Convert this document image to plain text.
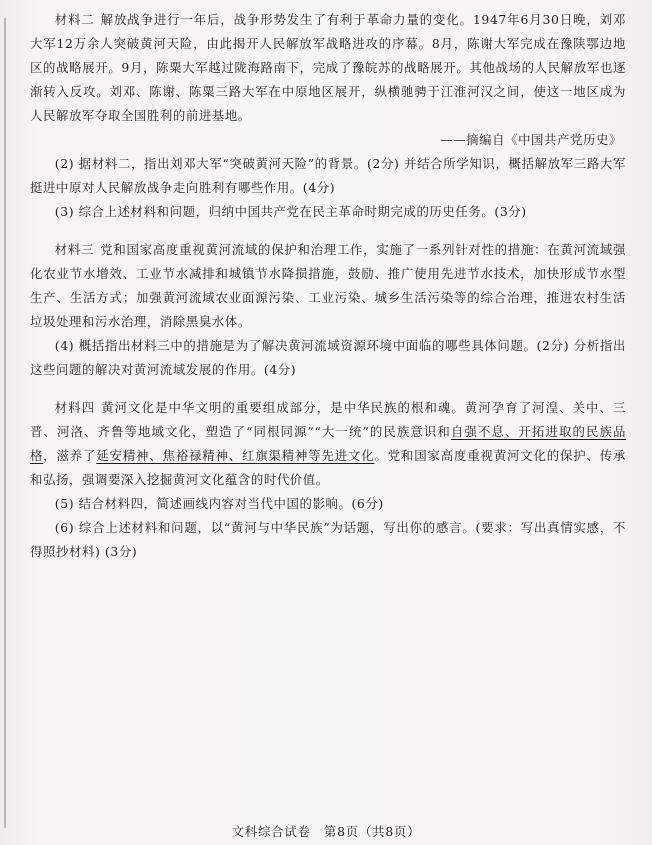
材料二 解放战争进行一年后，战争形势发生了有利于革命力量的变化。1947年6月30日晚，刘邓大军12万余人突破黄河天险，由此揭开人民解放军战略进攻的序幕。8月，陈谢大军完成在豫陕鄂边地区的战略展开。9月，陈粟大军越过陇海路南下，完成了豫皖苏的战略展开。其他战场的人民解放军也逐渐转入反攻。刘邓、陈谢、陈粟三路大军在中原地区展开，纵横驰骋于江淮河汉之间，使这一地区成为人民解放军夺取全国胜利的前进基地。

——摘编自《中国共产党历史》

(2) 据材料二，指出刘邓大军“突破黄河天险”的背景。(2分) 并结合所学知识，概括解放军三路大军挺进中原对人民解放战争走向胜利有哪些作用。(4分)

(3) 综合上述材料和问题，归纳中国共产党在民主革命时期完成的历史任务。(3分)

材料三 党和国家高度重视黄河流域的保护和治理工作，实施了一系列针对性的措施：在黄河流域强化农业节水增效、工业节水减排和城镇节水降损措施，鼓励、推广使用先进节水技术，加快形成节水型生产、生活方式；加强黄河流域农业面源污染、工业污染、城乡生活污染等的综合治理，推进农村生活垃圾处理和污水治理，消除黑臭水体。

(4) 概括指出材料三中的措施是为了解决黄河流域资源环境中面临的哪些具体问题。(2分) 分析指出这些问题的解决对黄河流域发展的作用。(4分)

材料四 黄河文化是中华文明的重要组成部分，是中华民族的根和魂。黄河孕育了河湟、关中、三晋、河洛、齐鲁等地域文化，塑造了“同根同源”“大一统”的民族意识和自强不息、开拓进取的民族品格，滋养了延安精神、焦裕禄精神、红旗渠精神等先进文化。党和国家高度重视黄河文化的保护、传承和弘扬，强调要深入挖掘黄河文化蕴含的时代价值。

(5) 结合材料四，简述画线内容对当代中国的影响。(6分)

(6) 综合上述材料和问题，以“黄河与中华民族”为话题，写出你的感言。(要求：写出真情实感，不得照抄材料) (3分)

文科综合试卷　第8页（共8页）
